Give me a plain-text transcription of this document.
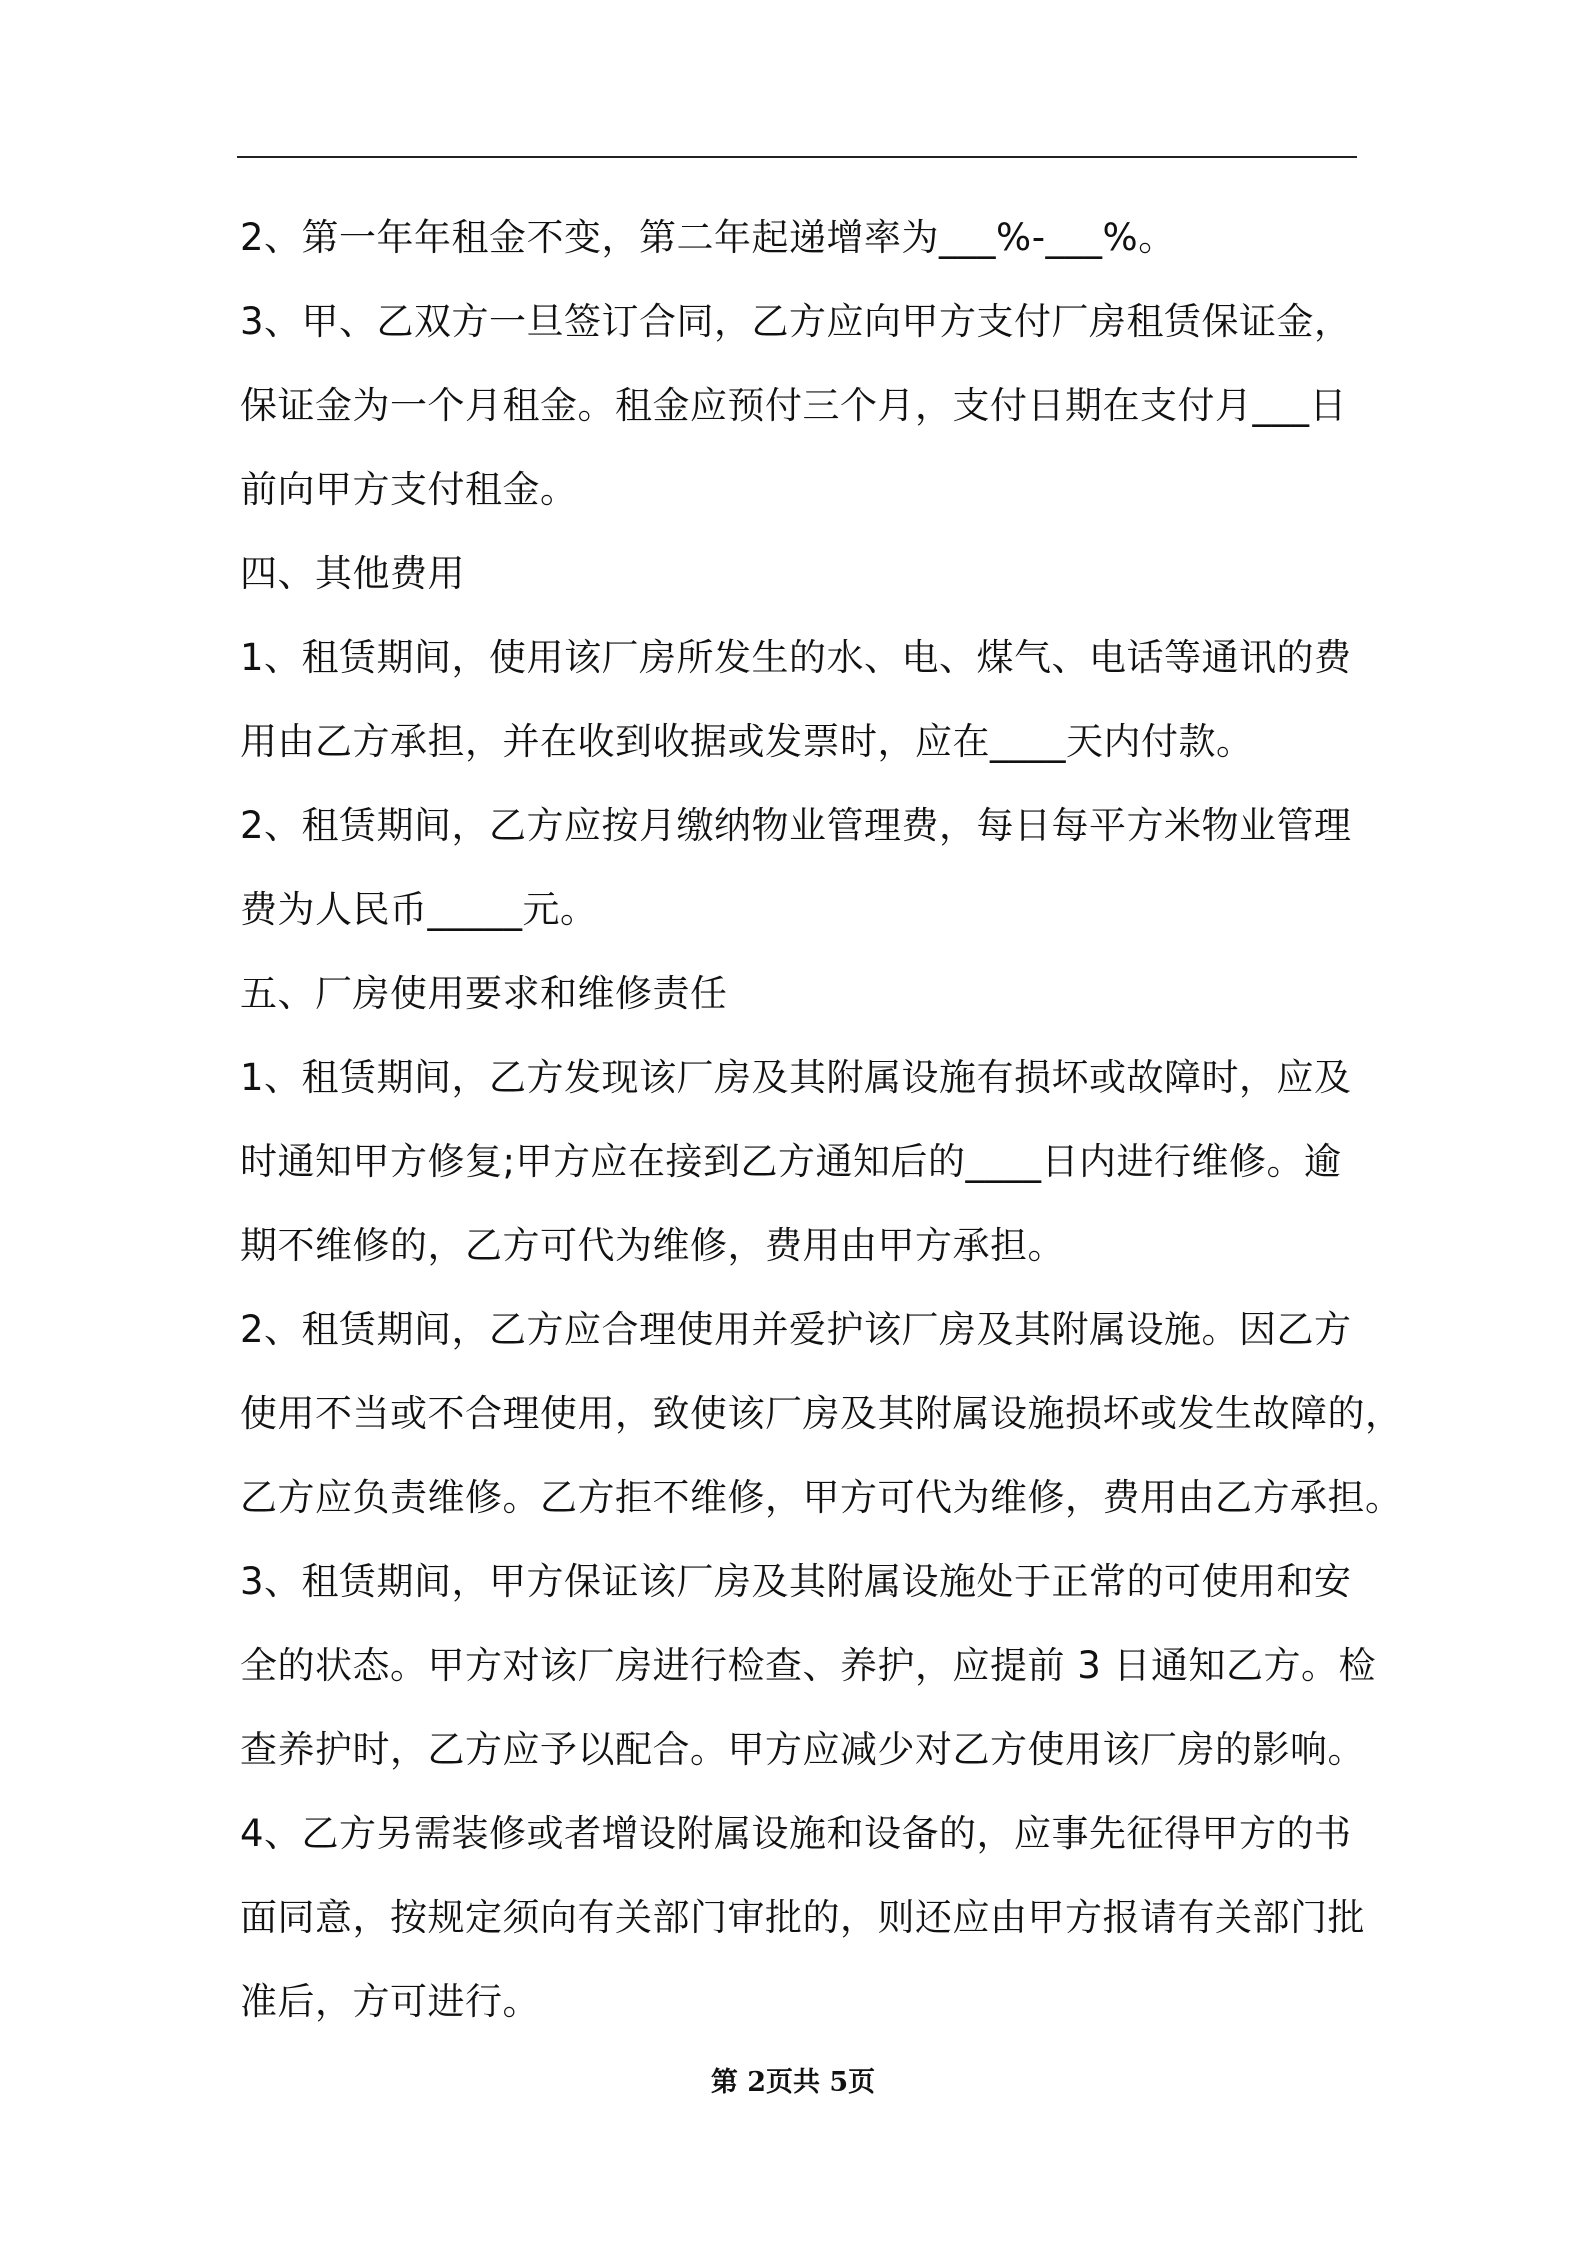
2、第一年年租金不变，第二年起递增率为___%-___%。

3、甲、乙双方一旦签订合同，乙方应向甲方支付厂房租赁保证金，
保证金为一个月租金。租金应预付三个月，支付日期在支付月___日
前向甲方支付租金。

四、其他费用

1、租赁期间，使用该厂房所发生的水、电、煤气、电话等通讯的费
用由乙方承担，并在收到收据或发票时，应在____天内付款。

2、租赁期间，乙方应按月缴纳物业管理费，每日每平方米物业管理
费为人民币_____元。

五、厂房使用要求和维修责任

1、租赁期间，乙方发现该厂房及其附属设施有损坏或故障时，应及
时通知甲方修复;甲方应在接到乙方通知后的____日内进行维修。逾
期不维修的，乙方可代为维修，费用由甲方承担。

2、租赁期间，乙方应合理使用并爱护该厂房及其附属设施。因乙方
使用不当或不合理使用，致使该厂房及其附属设施损坏或发生故障的，
乙方应负责维修。乙方拒不维修，甲方可代为维修，费用由乙方承担。

3、租赁期间，甲方保证该厂房及其附属设施处于正常的可使用和安
全的状态。甲方对该厂房进行检查、养护，应提前 3 日通知乙方。检
查养护时，乙方应予以配合。甲方应减少对乙方使用该厂房的影响。

4、乙方另需装修或者增设附属设施和设备的，应事先征得甲方的书
面同意，按规定须向有关部门审批的，则还应由甲方报请有关部门批
准后，方可进行。

第 2页共 5页
